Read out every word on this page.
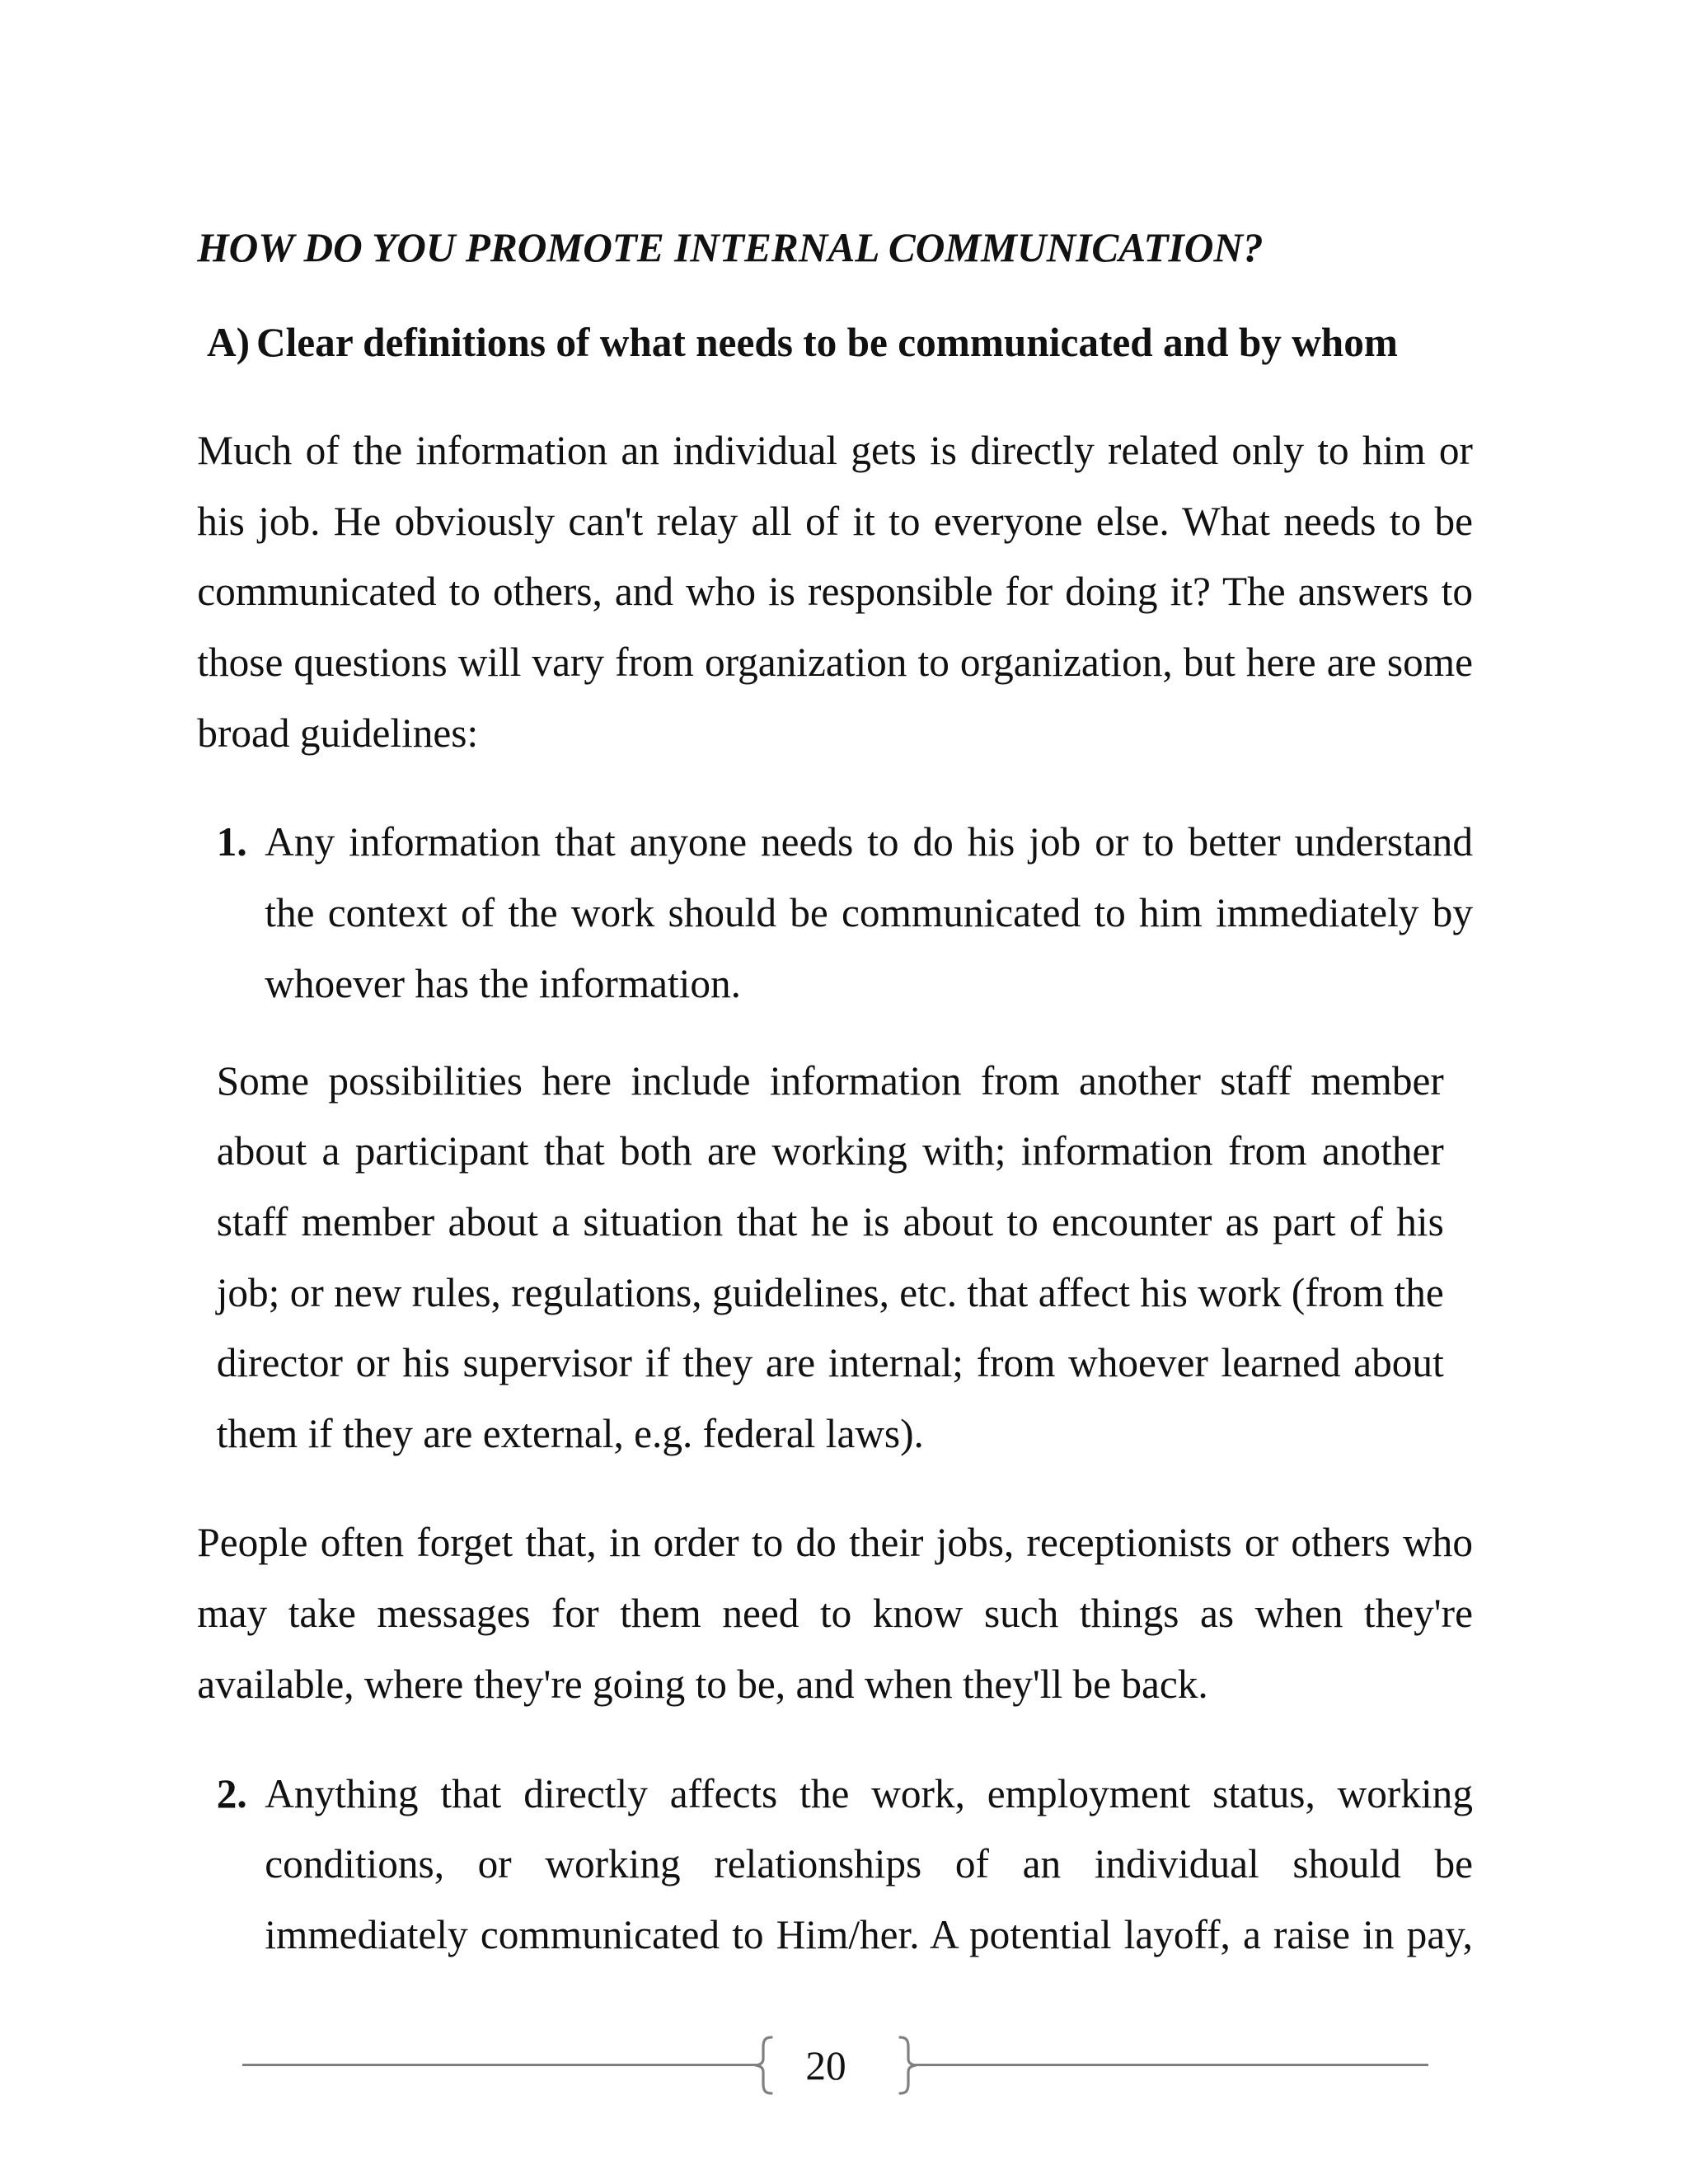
HOW DO YOU PROMOTE INTERNAL COMMUNICATION?
A) Clear definitions of what needs to be communicated and by whom
Much of the information an individual gets is directly related only to him or
his job. He obviously can't relay all of it to everyone else. What needs to be
communicated to others, and who is responsible for doing it? The answers to
those questions will vary from organization to organization, but here are some
broad guidelines:
1. Any information that anyone needs to do his job or to better understand
the context of the work should be communicated to him immediately by
whoever has the information.
Some possibilities here include information from another staff member
about a participant that both are working with; information from another
staff member about a situation that he is about to encounter as part of his
job; or new rules, regulations, guidelines, etc. that affect his work (from the
director or his supervisor if they are internal; from whoever learned about
them if they are external, e.g. federal laws).
People often forget that, in order to do their jobs, receptionists or others who
may take messages for them need to know such things as when they're
available, where they're going to be, and when they'll be back.
2. Anything that directly affects the work, employment status, working
conditions, or working relationships of an individual should be
immediately communicated to Him/her. A potential layoff, a raise in pay,
20
